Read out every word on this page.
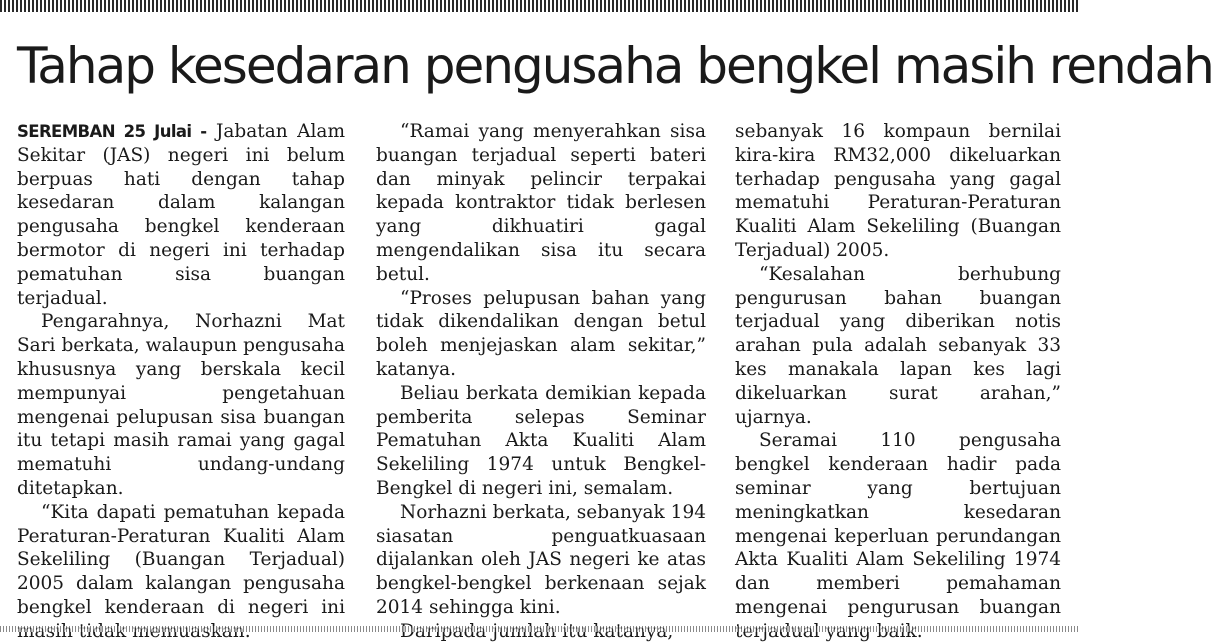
Tahap kesedaran pengusaha bengkel masih rendah

SEREMBAN 25 Julai - Jabatan Alam Sekitar (JAS) negeri ini belum berpuas hati dengan tahap kesedaran dalam kalangan pengusaha bengkel kenderaan bermotor di negeri ini terhadap pematuhan sisa buangan terjadual.

Pengarahnya, Norhazni Mat Sari berkata, walaupun pengusaha khususnya yang berskala kecil mempunyai pengetahuan mengenai pelupusan sisa buangan itu tetapi masih ramai yang gagal mematuhi undang-undang ditetapkan.

“Kita dapati pematuhan kepada Peraturan-Peraturan Kualiti Alam Sekeliling (Buangan Terjadual) 2005 dalam kalangan pengusaha bengkel kenderaan di negeri ini

“Ramai yang menyerahkan sisa buangan terjadual seperti bateri dan minyak pelincir terpakai kepada kontraktor tidak berlesen yang dikhuatiri gagal mengendalikan sisa itu secara betul.

“Proses pelupusan bahan yang tidak dikendalikan dengan betul boleh menjejaskan alam sekitar,” katanya.

Beliau berkata demikian kepada pemberita selepas Seminar Pematuhan Akta Kualiti Alam Sekeliling 1974 untuk Bengkel-Bengkel di negeri ini, semalam.

Norhazni berkata, sebanyak 194 siasatan penguatkuasaan dijalankan oleh JAS negeri ke atas bengkel-bengkel berkenaan sejak 2014 sehingga kini.

sebanyak 16 kompaun bernilai kira-kira RM32,000 dikeluarkan terhadap pengusaha yang gagal mematuhi Peraturan-Peraturan Kualiti Alam Sekeliling (Buangan Terjadual) 2005.

“Kesalahan berhubung pengurusan bahan buangan terjadual yang diberikan notis arahan pula adalah sebanyak 33 kes manakala lapan kes lagi dikeluarkan surat arahan,” ujarnya.

Seramai 110 pengusaha bengkel kenderaan hadir pada seminar yang bertujuan meningkatkan kesedaran mengenai keperluan perundangan Akta Kualiti Alam Sekeliling 1974 dan memberi pemahaman mengenai pengurusan buangan
